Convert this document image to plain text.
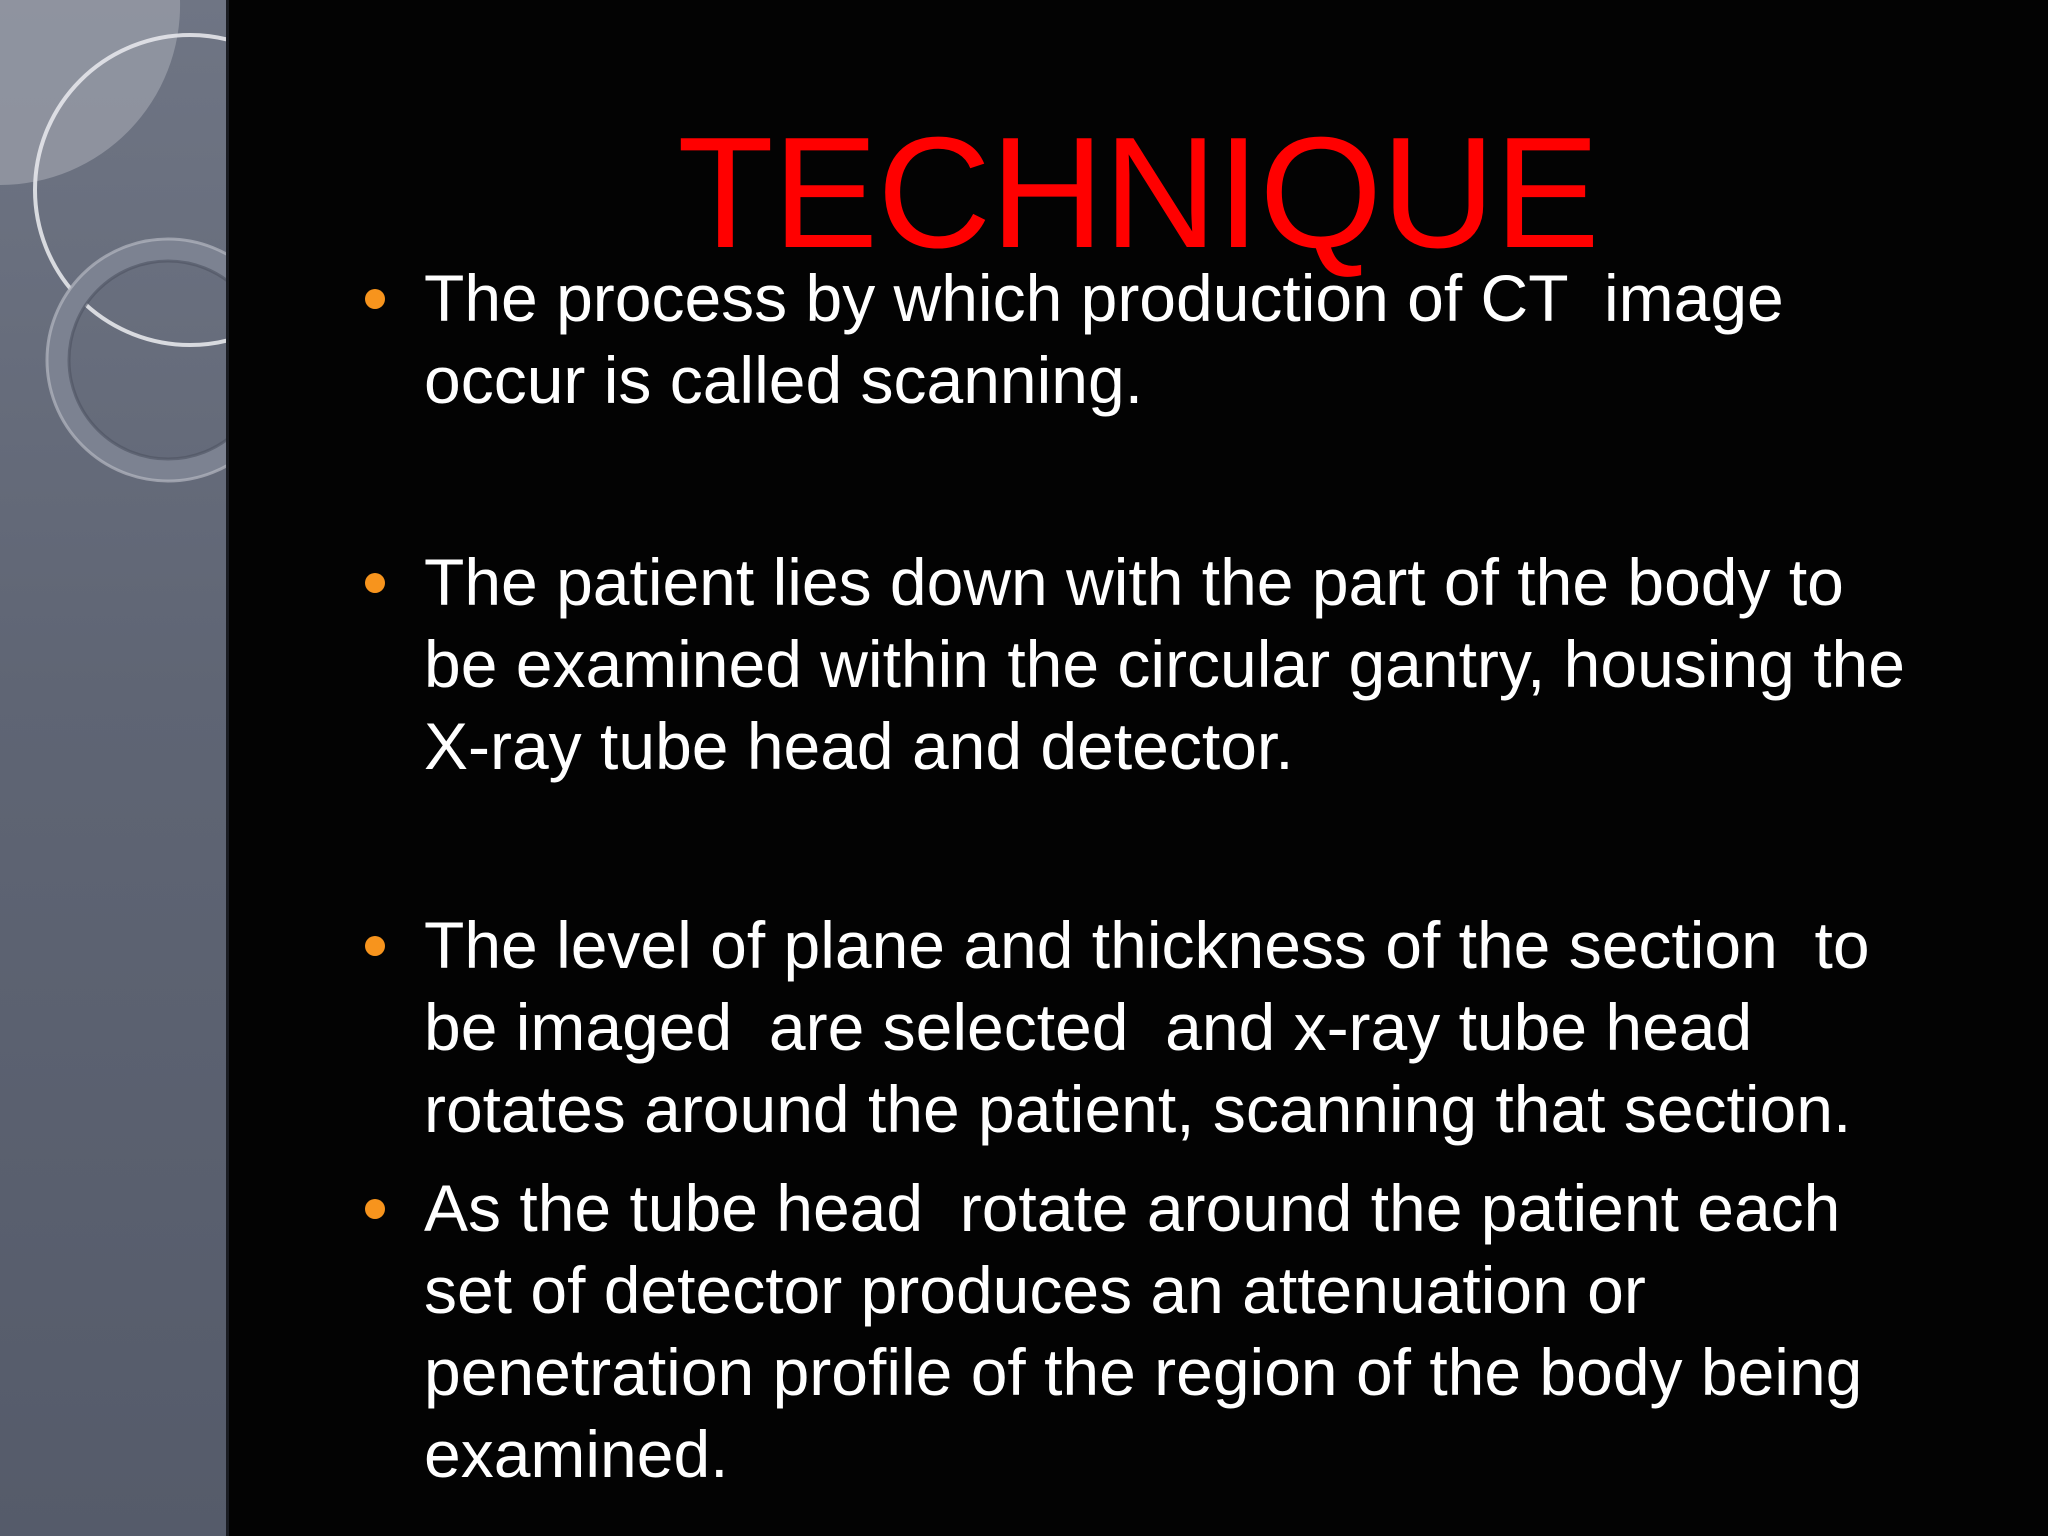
TECHNIQUE
The process by which production of CT  image
occur is called scanning.
The patient lies down with the part of the body to
be examined within the circular gantry, housing the
X-ray tube head and detector.
The level of plane and thickness of the section  to
be imaged  are selected  and x-ray tube head
rotates around the patient, scanning that section.
As the tube head  rotate around the patient each
set of detector produces an attenuation or
penetration profile of the region of the body being
examined.
